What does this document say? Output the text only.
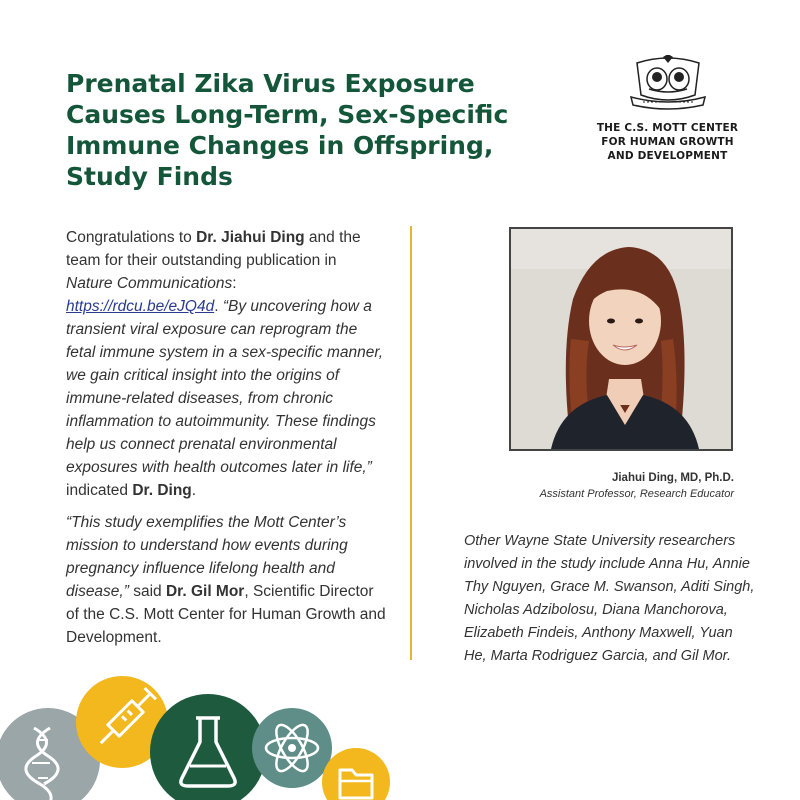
Prenatal Zika Virus Exposure Causes Long-Term, Sex-Specific Immune Changes in Offspring, Study Finds
THE C.S. MOTT CENTER
FOR HUMAN GROWTH
AND DEVELOPMENT

Congratulations to Dr. Jiahui Ding and the team for their outstanding publication in Nature Communications: https://rdcu.be/eJQ4d. “By uncovering how a transient viral exposure can reprogram the fetal immune system in a sex-specific manner, we gain critical insight into the origins of immune-related diseases, from chronic inflammation to autoimmunity. These findings help us connect prenatal environmental exposures with health outcomes later in life,” indicated Dr. Ding.

“This study exemplifies the Mott Center’s mission to understand how events during pregnancy influence lifelong health and disease,” said Dr. Gil Mor, Scientific Director of the C.S. Mott Center for Human Growth and Development.

Jiahui Ding, MD, Ph.D.
Assistant Professor, Research Educator
Other Wayne State University researchers involved in the study include Anna Hu, Annie Thy Nguyen, Grace M. Swanson, Aditi Singh, Nicholas Adzibolosu, Diana Manchorova, Elizabeth Findeis, Anthony Maxwell, Yuan He, Marta Rodriguez Garcia, and Gil Mor.
